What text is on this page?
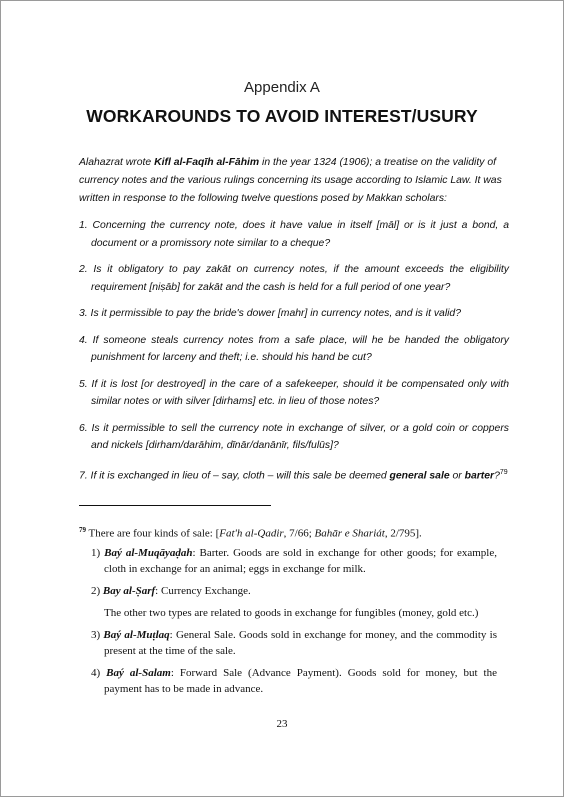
Appendix A
WORKAROUNDS TO AVOID INTEREST/USURY

Alahazrat wrote Kifl al-Faqīh al-Fāhim in the year 1324 (1906); a treatise on the validity of currency notes and the various rulings concerning its usage according to Islamic Law. It was written in response to the following twelve questions posed by Makkan scholars:

1. Concerning the currency note, does it have value in itself [māl] or is it just a bond, a document or a promissory note similar to a cheque?
2. Is it obligatory to pay zakāt on currency notes, if the amount exceeds the eligibility requirement [niṣāb] for zakāt and the cash is held for a full period of one year?
3. Is it permissible to pay the bride's dower [mahr] in currency notes, and is it valid?
4. If someone steals currency notes from a safe place, will he be handed the obligatory punishment for larceny and theft; i.e. should his hand be cut?
5. If it is lost [or destroyed] in the care of a safekeeper, should it be compensated only with similar notes or with silver [dirhams] etc. in lieu of those notes?
6. Is it permissible to sell the currency note in exchange of silver, or a gold coin or coppers and nickels [dirham/darāhim, dīnār/danānīr, fils/fulūs]?
7. If it is exchanged in lieu of – say, cloth – will this sale be deemed general sale or barter?$^{79}$

$^{79}$ There are four kinds of sale: [Fat'h al-Qadir, 7/66; Bahār e Shariát, 2/795].

1) Baý al-Muqāyaḍah: Barter. Goods are sold in exchange for other goods; for example, cloth in exchange for an animal; eggs in exchange for milk.
2) Bay al-Ṣarf: Currency Exchange.
The other two types are related to goods in exchange for fungibles (money, gold etc.)
3) Baý al-Muṭlaq: General Sale. Goods sold in exchange for money, and the commodity is present at the time of the sale.
4) Baý al-Salam: Forward Sale (Advance Payment). Goods sold for money, but the payment has to be made in advance.
23
